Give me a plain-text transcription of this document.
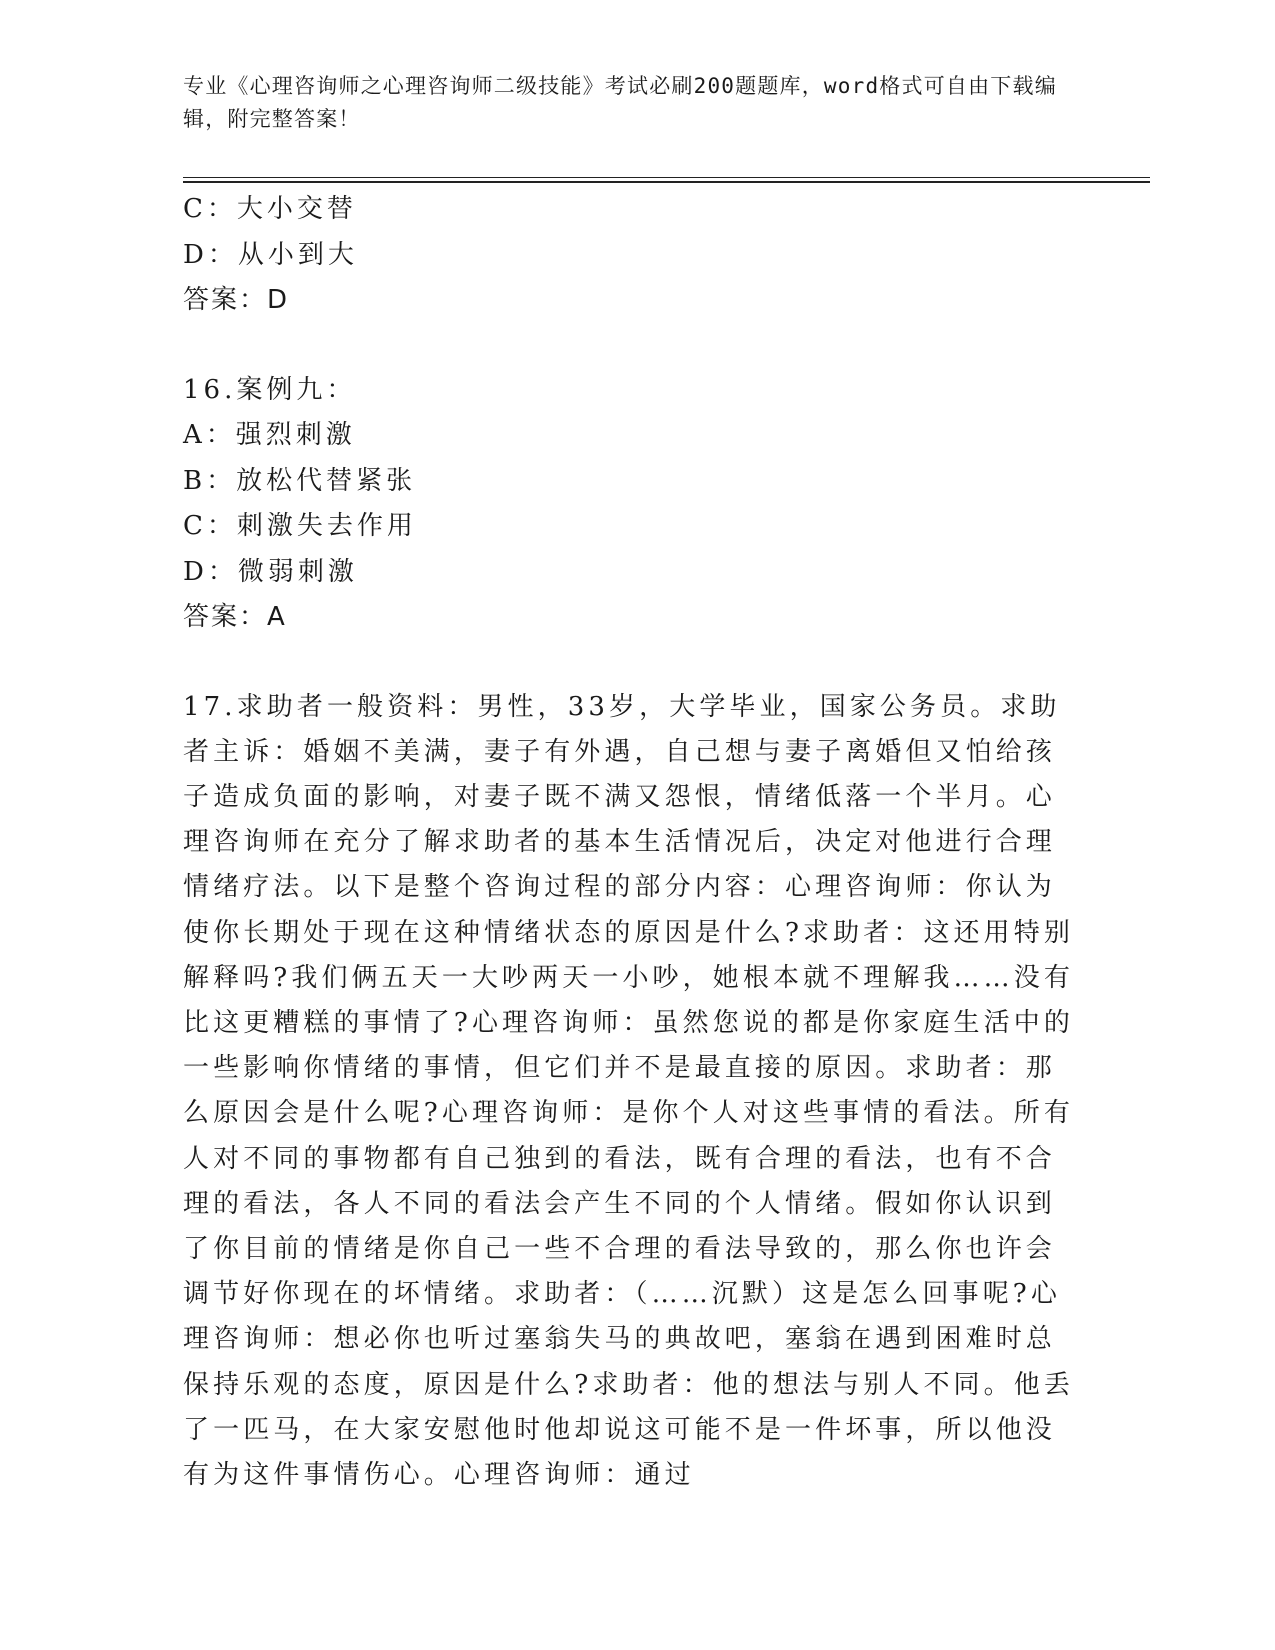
专业《心理咨询师之心理咨询师二级技能》考试必刷200题题库，word格式可自由下载编辑，附完整答案！
C：大小交替
D：从小到大
答案：D
16.案例九：
A：强烈刺激
B：放松代替紧张
C：刺激失去作用
D：微弱刺激
答案：A
17.求助者一般资料：男性，33岁，大学毕业，国家公务员。求助者主诉：婚姻不美满，妻子有外遇，自己想与妻子离婚但又怕给孩子造成负面的影响，对妻子既不满又怨恨，情绪低落一个半月。心理咨询师在充分了解求助者的基本生活情况后，决定对他进行合理情绪疗法。以下是整个咨询过程的部分内容：心理咨询师：你认为使你长期处于现在这种情绪状态的原因是什么?求助者：这还用特别解释吗?我们俩五天一大吵两天一小吵，她根本就不理解我……没有比这更糟糕的事情了?心理咨询师：虽然您说的都是你家庭生活中的一些影响你情绪的事情，但它们并不是最直接的原因。求助者：那么原因会是什么呢?心理咨询师：是你个人对这些事情的看法。所有人对不同的事物都有自己独到的看法，既有合理的看法，也有不合理的看法，各人不同的看法会产生不同的个人情绪。假如你认识到了你目前的情绪是你自己一些不合理的看法导致的，那么你也许会调节好你现在的坏情绪。求助者：（……沉默）这是怎么回事呢?心理咨询师：想必你也听过塞翁失马的典故吧，塞翁在遇到困难时总保持乐观的态度，原因是什么?求助者：他的想法与别人不同。他丢了一匹马，在大家安慰他时他却说这可能不是一件坏事，所以他没有为这件事情伤心。心理咨询师：通过
